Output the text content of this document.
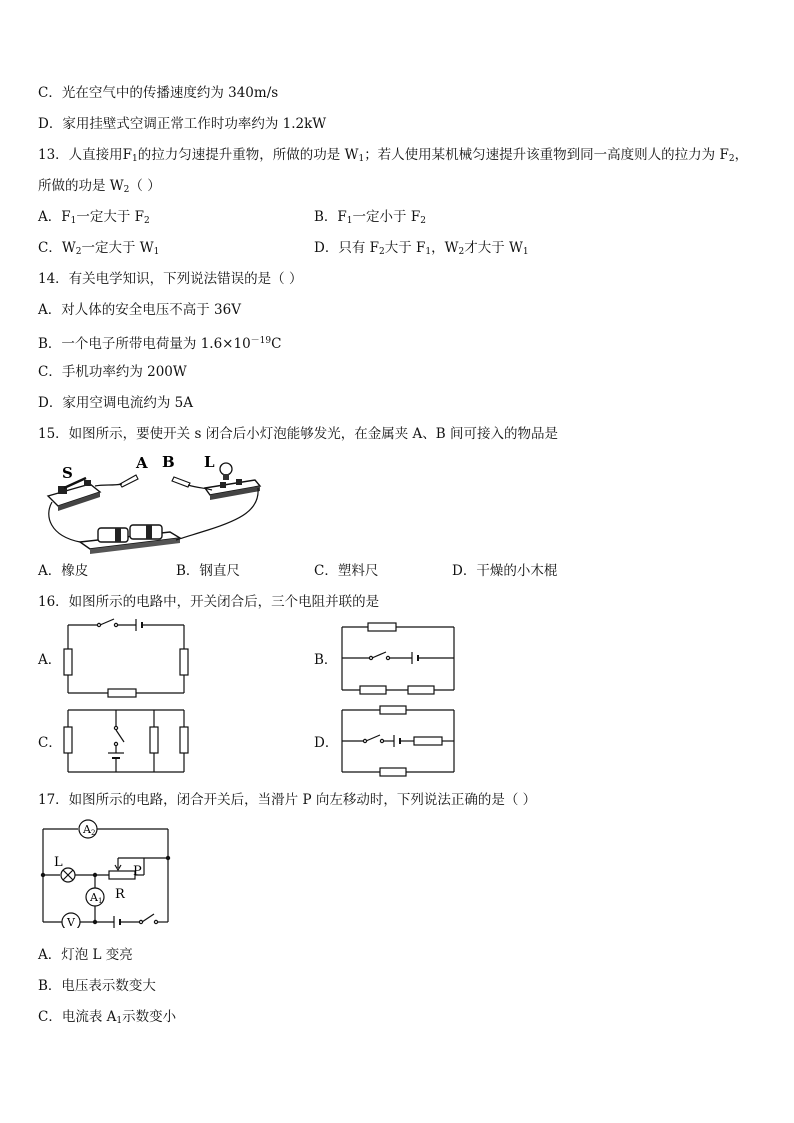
C．光在空气中的传播速度约为 340m/s
D．家用挂壁式空调正常工作时功率约为 1.2kW
13．人直接用$F_1$的拉力匀速提升重物，所做的功是 $W_1$；若人使用某机械匀速提升该重物到同一高度则人的拉力为 $F_2$，
所做的功是 $W_2$（ ）
A．$F_1$一定大于 $F_2$	B．$F_1$一定小于 $F_2$
C．$W_2$一定大于 $W_1$	D．只有 $F_2$大于 $F_1$，$W_2$才大于 $W_1$
14．有关电学知识，下列说法错误的是（ ）
A．对人体的安全电压不高于 36V
B．一个电子所带电荷量为 $1.6\times 10^{-19}C$
C．手机功率约为 200W
D．家用空调电流约为 5A
15．如图所示，要使开关 s 闭合后小灯泡能够发光，在金属夹 A、B 间可接入的物品是
S
A B L
A．橡皮	B．钢直尺	C．塑料尺	D．干燥的小木棍
16．如图所示的电路中，开关闭合后，三个电阻并联的是
A．	B．
C．	D．
17．如图所示的电路，闭合开关后，当滑片 P 向左移动时，下列说法正确的是（ ）
A2
A1
V
L
P
R
A．灯泡 L 变亮
B．电压表示数变大
C．电流表 $A_1$示数变小
